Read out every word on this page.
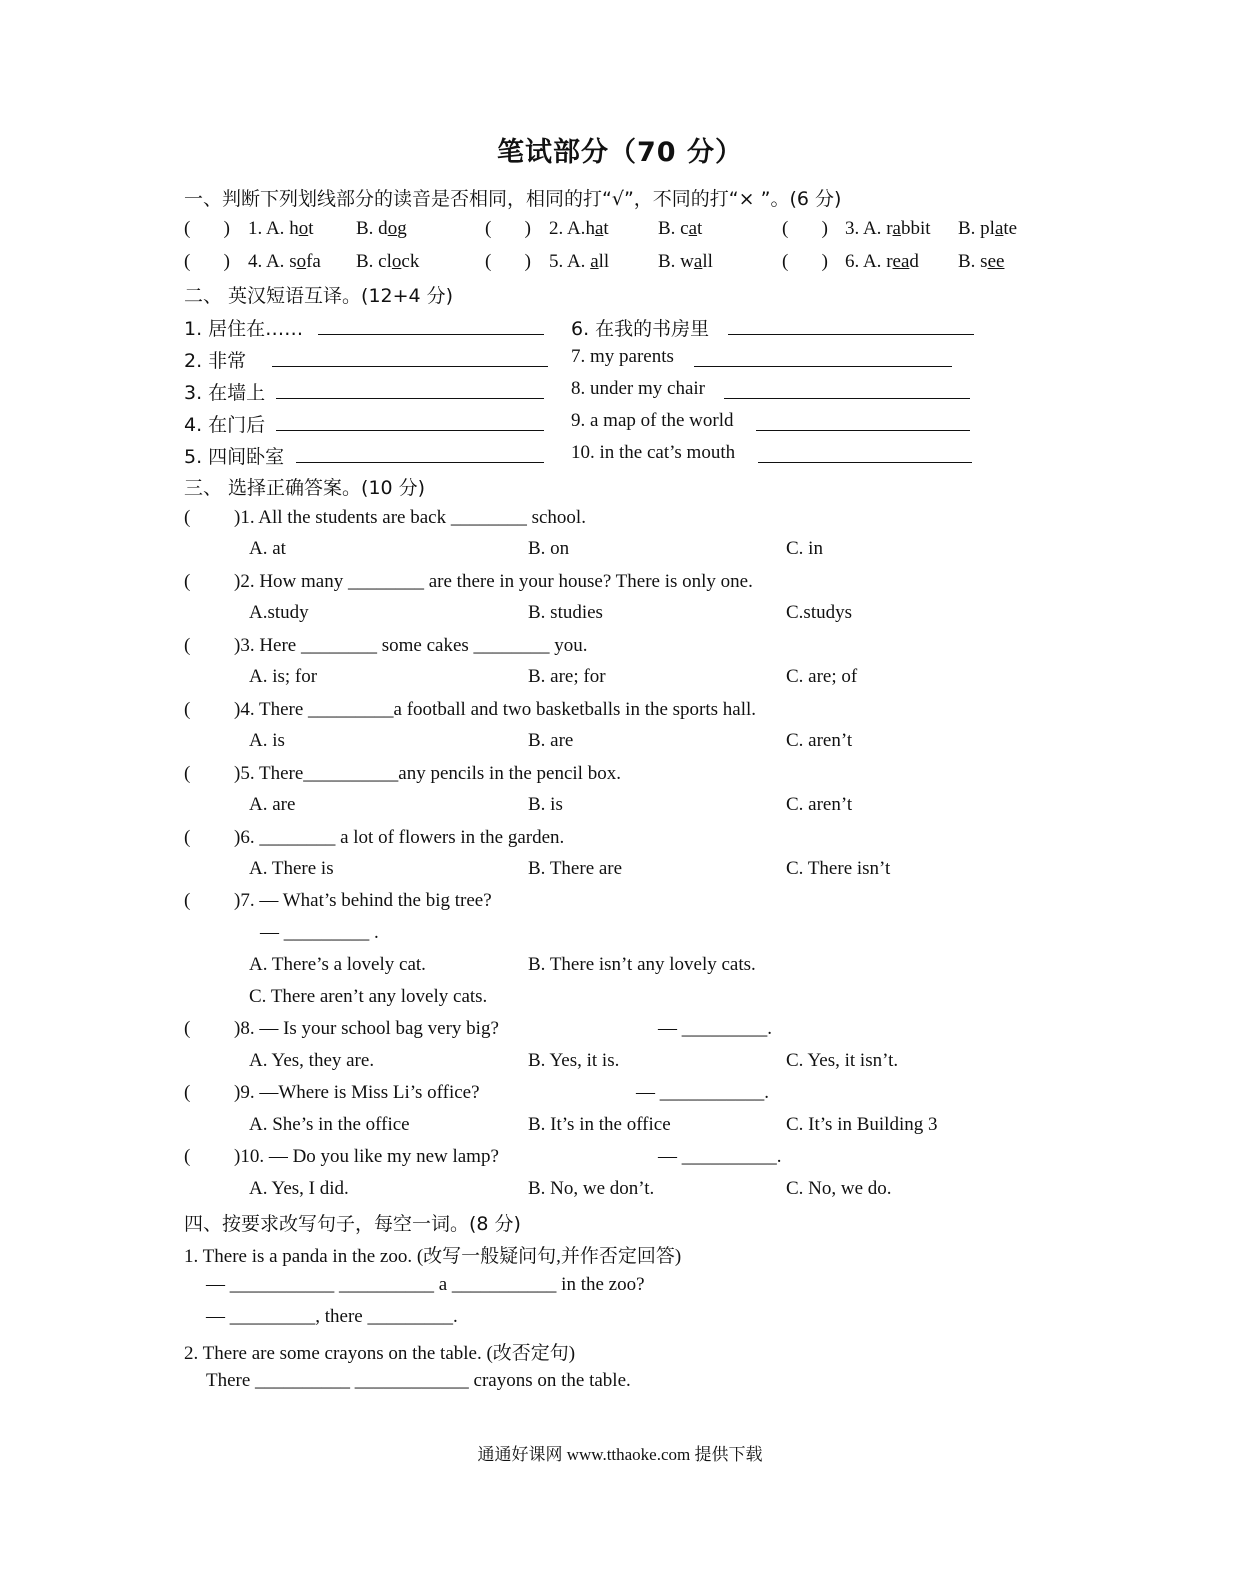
笔试部分（70 分）
一、判断下列划线部分的读音是否相同，相同的打“√”，不同的打“× ”。(6 分)
(       ) 1. A. hot B. dog	(       ) 2. A.hat	B. cat	(       ) 3. A. rabbit B. plate
(       ) 4. A. sofa B. clock	(       ) 5. A. all	B. wall	(       ) 6. A. read B. see
二、 英汉短语互译。(12+4 分)
1. 居住在……	6. 在我的书房里
2. 非常	7. my parents
3. 在墙上	8. under my chair
4. 在门后	9. a map of the world
5. 四间卧室	10. in the cat’s mouth
三、 选择正确答案。(10 分)
( )1. All the students are back ________ school.
A. at	B. on	C. in
( )2. How many ________ are there in your house? There is only one.
A.study	B. studies	C.studys
( )3. Here ________ some cakes ________ you.
A. is; for	B. are; for	C. are; of
( )4. There _________a football and two basketballs in the sports hall.
A. is	B. are	C. aren’t
( )5. There__________any pencils in the pencil box.
A. are	B. is	C. aren’t
( )6. ________ a lot of flowers in the garden.
A. There is	B. There are	C. There isn’t
( )7. — What’s behind the big tree?
— _________ .
A. There’s a lovely cat.	B. There isn’t any lovely cats.
C. There aren’t any lovely cats.
( )8. — Is your school bag very big?	— _________.
A. Yes, they are.	B. Yes, it is.	C. Yes, it isn’t.
( )9. —Where is Miss Li’s office?	— ___________.
A. She’s in the office	B. It’s in the office	C. It’s in Building 3
( )10. — Do you like my new lamp?	— __________.
A. Yes, I did.	B. No, we don’t.	C. No, we do.
四、按要求改写句子，每空一词。(8 分)
1. There is a panda in the zoo. (改写一般疑问句,并作否定回答)
— ___________ __________ a ___________ in the zoo?
— _________, there _________.
2. There are some crayons on the table. (改否定句)
There __________ ____________ crayons on the table.
通通好课网 www.tthaoke.com 提供下载
